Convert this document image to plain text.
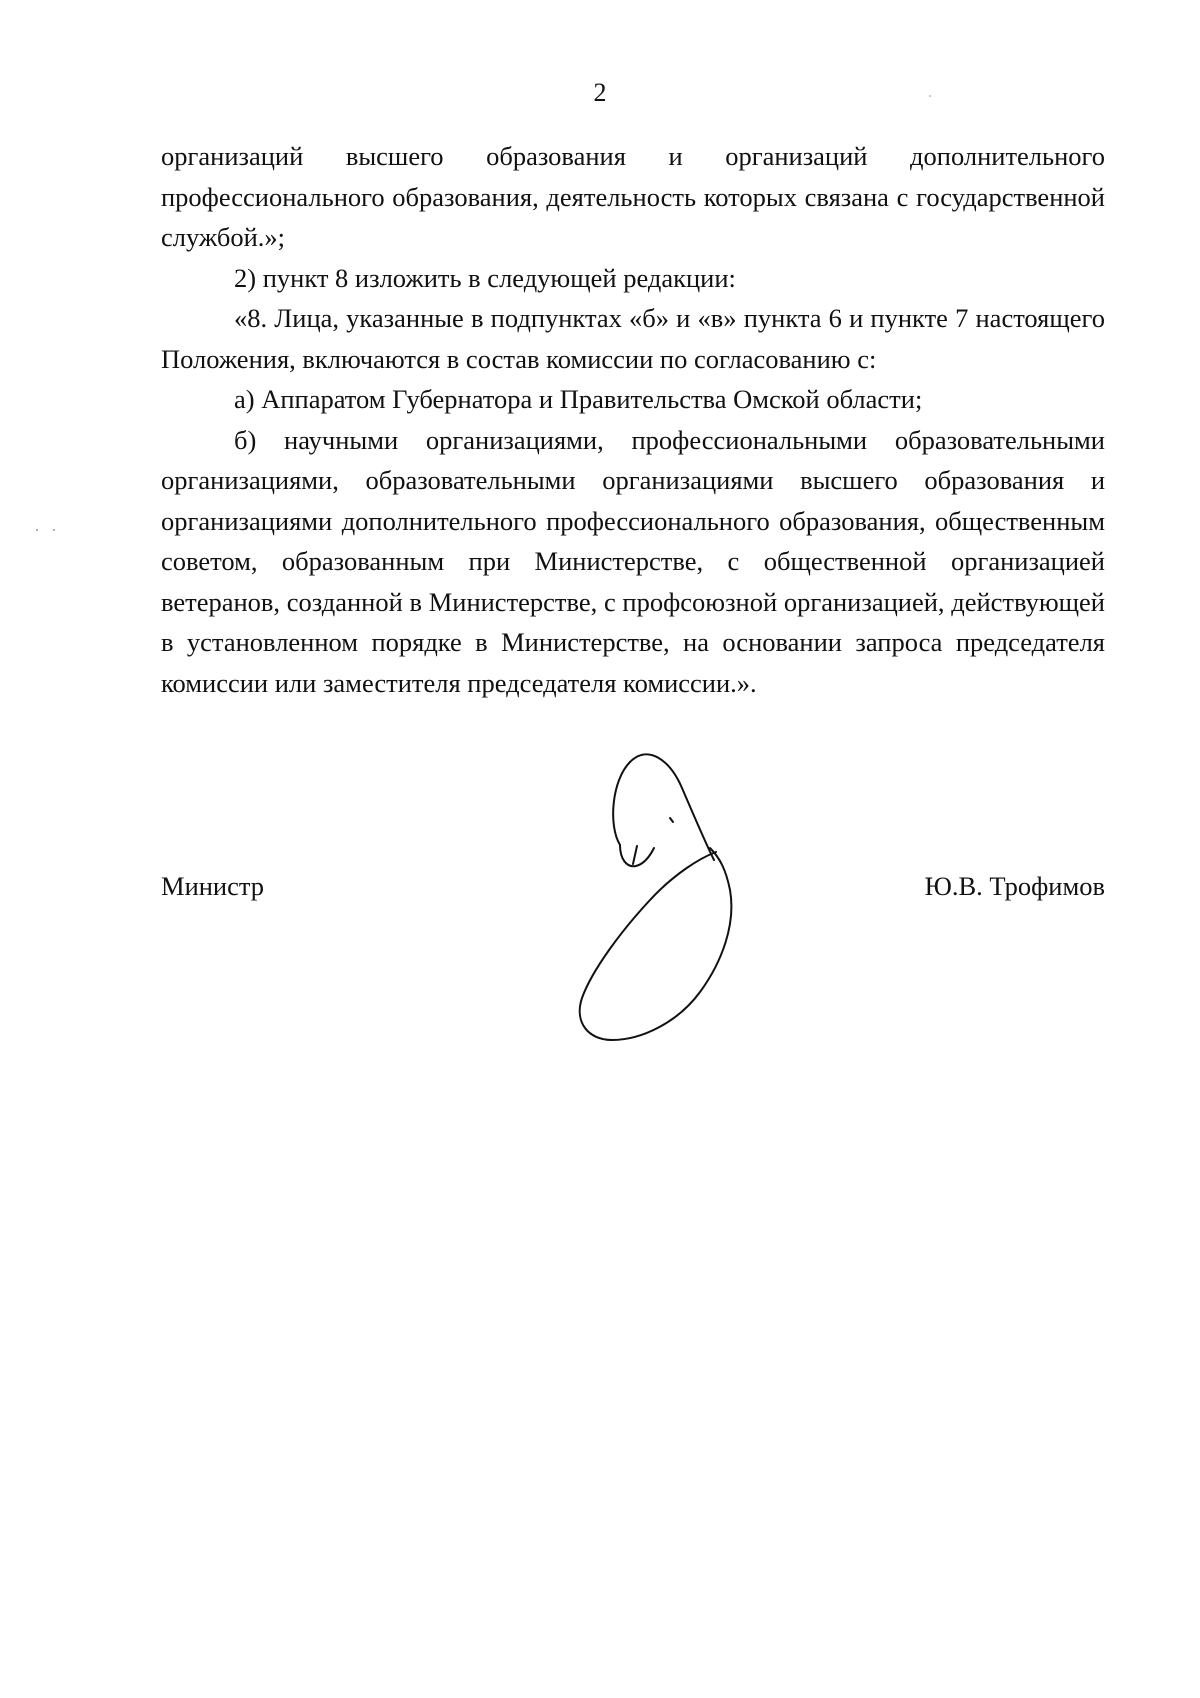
2

организаций высшего образования и организаций дополнительного профессионального образования, деятельность которых связана с государственной службой.»;

2) пункт 8 изложить в следующей редакции:

«8. Лица, указанные в подпунктах «б» и «в» пункта 6 и пункте 7 настоящего Положения, включаются в состав комиссии по согласованию с:

а) Аппаратом Губернатора и Правительства Омской области;

б) научными организациями, профессиональными образовательными организациями, образовательными организациями высшего образования и организациями дополнительного профессионального образования, общественным советом, образованным при Министерстве, с общественной организацией ветеранов, созданной в Министерстве, с профсоюзной организацией, действующей в установленном порядке в Министерстве, на основании запроса председателя комиссии или заместителя председателя комиссии.».

Министр	Ю.В. Трофимов
